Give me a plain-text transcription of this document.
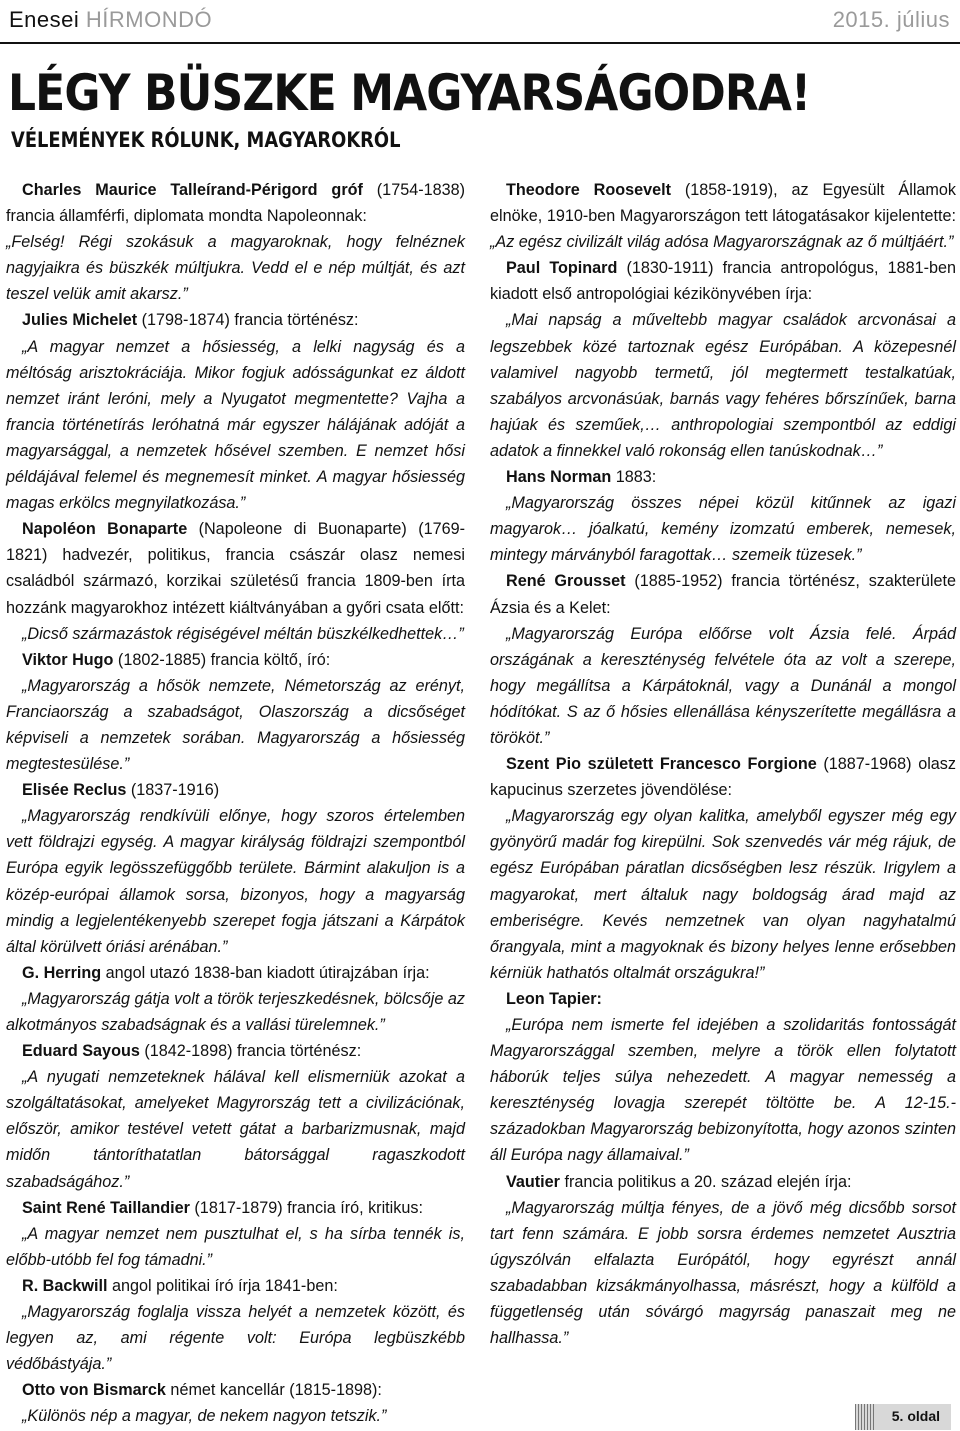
Enesei HÍRMONDÓ	2015. július
LÉGY BÜSZKE MAGYARSÁGODRA!
VÉLEMÉNYEK RÓLUNK, MAGYAROKRÓL

Charles Maurice Talleírand-Périgord gróf (1754-1838) francia államférfi, diplomata mondta Napoleonnak:

„Felség! Régi szokásuk a magyaroknak, hogy felnéznek nagyjaikra és büszkék múltjukra. Vedd el e nép múltját, és azt teszel velük amit akarsz.”

Julies Michelet (1798-1874) francia történész:

„A magyar nemzet a hősiesség, a lelki nagyság és a méltóság arisztokráciája. Mikor fogjuk adósságunkat ez áldott nemzet iránt leróni, mely a Nyugatot megmentette? Vajha a francia történetírás leróhatná már egyszer hálájának adóját a magyarsággal, a nemzetek hősével szemben. E nemzet hősi példájával felemel és megnemesít minket. A magyar hősiesség magas erkölcs megnyilatkozása.”

Napoléon Bonaparte (Napoleone di Buonaparte) (1769-1821) hadvezér, politikus, francia császár olasz nemesi családból származó, korzikai születésű francia 1809-ben írta hozzánk magyarokhoz intézett kiáltványában a győri csata előtt:

„Dicső származástok régiségével méltán büszkélkedhettek…”

Viktor Hugo (1802-1885) francia költő, író:

„Magyarország a hősök nemzete, Németország az erényt, Franciaország a szabadságot, Olaszország a dicsőséget képviseli a nemzetek sorában. Magyarország a hősiesség megtestesülése.”

Elisée Reclus (1837-1916)

„Magyarország rendkívüli előnye, hogy szoros értelemben vett földrajzi egység. A magyar királyság földrajzi szempontból Európa egyik legösszefüggőbb területe. Bármint alakuljon is a közép-európai államok sorsa, bizonyos, hogy a magyarság mindig a legjelentékenyebb szerepet fogja játszani a Kárpátok által körülvett óriási arénában.”

G. Herring angol utazó 1838-ban kiadott útirajzában írja:

„Magyarország gátja volt a török terjeszkedésnek, bölcsője az alkotmányos szabadságnak és a vallási türelemnek.”

Eduard Sayous (1842-1898) francia történész:

„A nyugati nemzeteknek hálával kell elismerniük azokat a szolgáltatásokat, amelyeket Magyrország tett a civilizációnak, először, amikor testével vetett gátat a barbarizmusnak, majd midőn tántoríthatatlan bátorsággal ragaszkodott szabadságához.”

Saint René Taillandier (1817-1879) francia író, kritikus:

„A magyar nemzet nem pusztulhat el, s ha sírba tennék is, előbb-utóbb fel fog támadni.”

R. Backwill angol politikai író írja 1841-ben:

„Magyarország foglalja vissza helyét a nemzetek között, és legyen az, ami régente volt: Európa legbüszkébb védőbástyája.”

Otto von Bismarck német kancellár (1815-1898):

„Különös nép a magyar, de nekem nagyon tetszik.”

Theodore Roosevelt (1858-1919), az Egyesült Államok elnöke, 1910-ben Magyarországon tett látogatásakor kijelentette: „Az egész civilizált világ adósa Magyarországnak az ő múltjáért.”

Paul Topinard (1830-1911) francia antropológus, 1881-ben kiadott első antropológiai kézikönyvében írja:

„Mai napság a műveltebb magyar családok arcvonásai a legszebbek közé tartoznak egész Európában. A közepesnél valamivel nagyobb termetű, jól megtermett testalkatúak, szabályos arcvonásúak, barnás vagy fehéres bőrszínűek, barna hajúak és szeműek,… anthropologiai szempontból az eddigi adatok a finnekkel való rokonság ellen tanúskodnak…”

Hans Norman 1883:

„Magyarország összes népei közül kitűnnek az igazi magyarok… jóalkatú, kemény izomzatú emberek, nemesek, mintegy márványból faragottak… szemeik tüzesek.”

René Grousset (1885-1952) francia történész, szakterülete Ázsia és a Kelet:

„Magyarország Európa előőrse volt Ázsia felé. Árpád országának a kereszténység felvétele óta az volt a szerepe, hogy megállítsa a Kárpátoknál, vagy a Dunánál a mongol hódítókat. S az ő hősies ellenállása kényszerítette megállásra a törököt.”

Szent Pio született Francesco Forgione (1887-1968) olasz kapucinus szerzetes jövendölése:

„Magyarország egy olyan kalitka, amelyből egyszer még egy gyönyörű madár fog kirepülni. Sok szenvedés vár még rájuk, de egész Európában páratlan dicsőségben lesz részük. Irigylem a magyarokat, mert általuk nagy boldogság árad majd az emberiségre. Kevés nemzetnek van olyan nagyhatalmú őrangyala, mint a magyoknak és bizony helyes lenne erősebben kérniük hathatós oltalmát országukra!”

Leon Tapier:

„Európa nem ismerte fel idejében a szolidaritás fontosságát Magyarországgal szemben, melyre a török ellen folytatott háborúk teljes súlya nehezedett. A magyar nemesség a kereszténység lovagja szerepét töltötte be. A 12-15.- századokban Magyarország bebizonyította, hogy azonos szinten áll Európa nagy államaival.”

Vautier francia politikus a 20. század elején írja:

„Magyarország múltja fényes, de a jövő még dicsőbb sorsot tart fenn számára. E jobb sorsra érdemes nemzetet Ausztria úgyszólván elfalazta Európától, hogy egyrészt annál szabadabban kizsákmányolhassa, másrészt, hogy a külföld a függetlenség után sóvárgó magyrság panaszait meg ne hallhassa.”

5. oldal
